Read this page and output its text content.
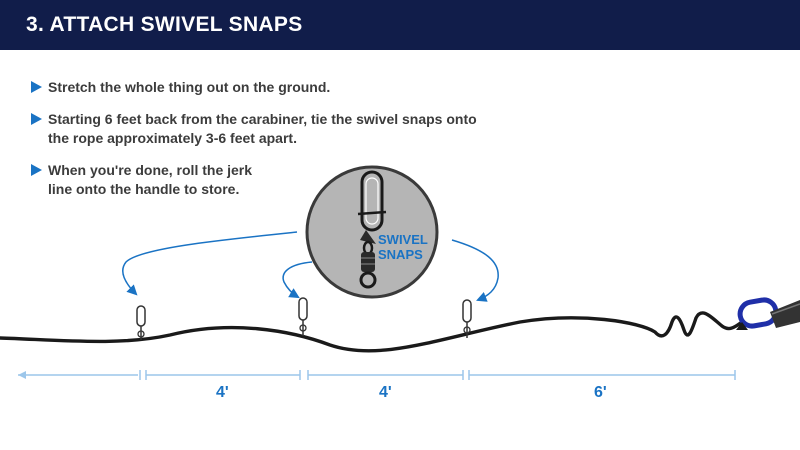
3. ATTACH SWIVEL SNAPS
Stretch the whole thing out on the ground.
Starting 6 feet back from the carabiner, tie the swivel snaps onto
the rope approximately 3-6 feet apart.
When you're done, roll the jerk
line onto the handle to store.
SWIVEL
SNAPS
4'	4'	6'
